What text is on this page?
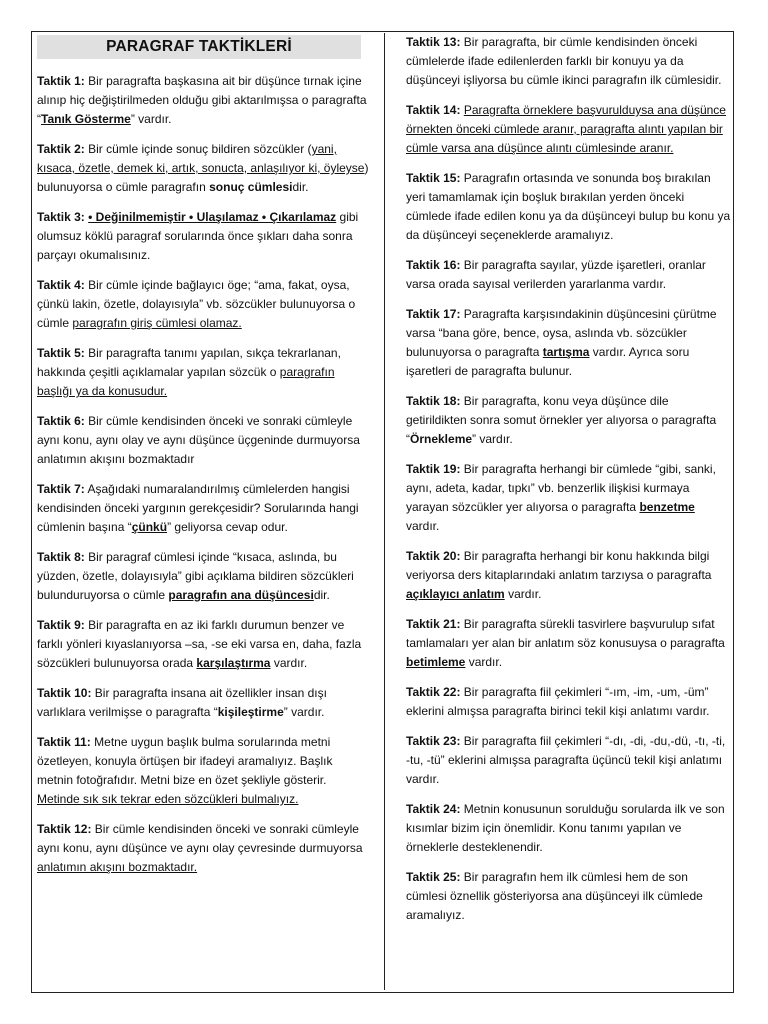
PARAGRAF TAKTİKLERİ

Taktik 1: Bir paragrafta başkasına ait bir düşünce tırnak içine alınıp hiç değiştirilmeden olduğu gibi aktarılmışsa o paragrafta “Tanık Gösterme” vardır.

Taktik 2: Bir cümle içinde sonuç bildiren sözcükler (yani, kısaca, özetle, demek ki, artık, sonucta, anlaşılıyor ki, öyleyse) bulunuyorsa o cümle paragrafın sonuç cümlesidir.

Taktik 3: • Değinilmemiştir • Ulaşılamaz • Çıkarılamaz gibi olumsuz köklü paragraf sorularında önce şıkları daha sonra parçayı okumalısınız.

Taktik 4: Bir cümle içinde bağlayıcı öge; “ama, fakat, oysa, çünkü lakin, özetle, dolayısıyla” vb. sözcükler bulunuyorsa o cümle paragrafın giriş cümlesi olamaz.

Taktik 5: Bir paragrafta tanımı yapılan, sıkça tekrarlanan, hakkında çeşitli açıklamalar yapılan sözcük o paragrafın başlığı ya da konusudur.

Taktik 6: Bir cümle kendisinden önceki ve sonraki cümleyle aynı konu, aynı olay ve aynı düşünce üçgeninde durmuyorsa anlatımın akışını bozmaktadır

Taktik 7: Aşağıdaki numaralandırılmış cümlelerden hangisi kendisinden önceki yargının gerekçesidir? Sorularında hangi cümlenin başına “çünkü” geliyorsa cevap odur.

Taktik 8: Bir paragraf cümlesi içinde “kısaca, aslında, bu yüzden, özetle, dolayısıyla” gibi açıklama bildiren sözcükleri bulunduruyorsa o cümle paragrafın ana düşüncesidir.

Taktik 9: Bir paragrafta en az iki farklı durumun benzer ve farklı yönleri kıyaslanıyorsa –sa, -se eki varsa en, daha, fazla sözcükleri bulunuyorsa orada karşılaştırma vardır.

Taktik 10: Bir paragrafta insana ait özellikler insan dışı varlıklara verilmişse o paragrafta “kişileştirme” vardır.

Taktik 11: Metne uygun başlık bulma sorularında metni özetleyen, konuyla örtüşen bir ifadeyi aramalıyız. Başlık metnin fotoğrafıdır. Metni bize en özet şekliyle gösterir. Metinde sık sık tekrar eden sözcükleri bulmalıyız.

Taktik 12: Bir cümle kendisinden önceki ve sonraki cümleyle aynı konu, aynı düşünce ve aynı olay çevresinde durmuyorsa anlatımın akışını bozmaktadır.

Taktik 13: Bir paragrafta, bir cümle kendisinden önceki cümlelerde ifade edilenlerden farklı bir konuyu ya da düşünceyi işliyorsa bu cümle ikinci paragrafın ilk cümlesidir.

Taktik 14: Paragrafta örneklere başvurulduysa ana düşünce örnekten önceki cümlede aranır, paragrafta alıntı yapılan bir cümle varsa ana düşünce alıntı cümlesinde aranır.

Taktik 15: Paragrafın ortasında ve sonunda boş bırakılan yeri tamamlamak için boşluk bırakılan yerden önceki cümlede ifade edilen konu ya da düşünceyi bulup bu konu ya da düşünceyi seçeneklerde aramalıyız.

Taktik 16: Bir paragrafta sayılar, yüzde işaretleri, oranlar varsa orada sayısal verilerden yararlanma vardır.

Taktik 17: Paragrafta karşısındakinin düşüncesini çürütme varsa “bana göre, bence, oysa, aslında vb. sözcükler bulunuyorsa o paragrafta tartışma vardır. Ayrıca soru işaretleri de paragrafta bulunur.

Taktik 18: Bir paragrafta, konu veya düşünce dile getirildikten sonra somut örnekler yer alıyorsa o paragrafta “Örnekleme” vardır.

Taktik 19: Bir paragrafta herhangi bir cümlede “gibi, sanki, aynı, adeta, kadar, tıpkı” vb. benzerlik ilişkisi kurmaya yarayan sözcükler yer alıyorsa o paragrafta benzetme vardır.

Taktik 20: Bir paragrafta herhangi bir konu hakkında bilgi veriyorsa ders kitaplarındaki anlatım tarzıysa o paragrafta açıklayıcı anlatım vardır.

Taktik 21: Bir paragrafta sürekli tasvirlere başvurulup sıfat tamlamaları yer alan bir anlatım söz konusuysa o paragrafta betimleme vardır.

Taktik 22: Bir paragrafta fiil çekimleri “-ım, -im, -um, -üm” eklerini almışsa paragrafta birinci tekil kişi anlatımı vardır.

Taktik 23: Bir paragrafta fiil çekimleri “-dı, -di, -du,-dü, -tı, -ti, -tu, -tü” eklerini almışsa paragrafta üçüncü tekil kişi anlatımı vardır.

Taktik 24: Metnin konusunun sorulduğu sorularda ilk ve son kısımlar bizim için önemlidir. Konu tanımı yapılan ve örneklerle desteklenendir.

Taktik 25: Bir paragrafın hem ilk cümlesi hem de son cümlesi öznellik gösteriyorsa ana düşünceyi ilk cümlede aramalıyız.
